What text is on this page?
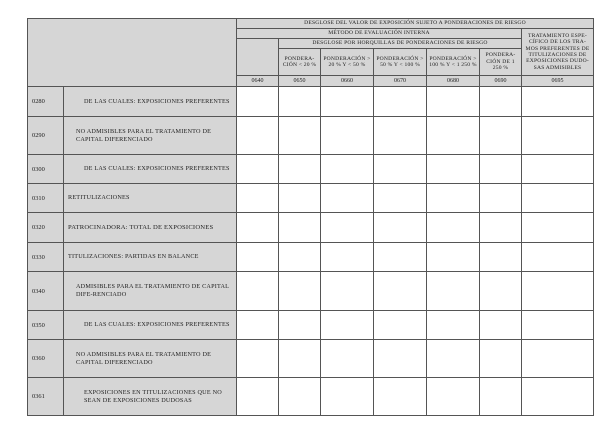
		DESGLOSE DEL VALOR DE EXPOSICIÓN SUJETO A PONDERACIONES DE RIESGO						
		MÉTODO DE EVALUACIÓN INTERNA						TRATAMIENTO ESPE-CÍFICO DE LOS TRA-MOS PREFERENTES DE TITULIZACIONES DE EXPOSICIONES DUDO-SAS ADMISIBLES
			DESGLOSE POR HORQUILLAS DE PONDERACIONES DE RIESGO					
			PONDERA-CIÓN < 20 %	PONDERACIÓN > 20 % Y < 50 %	PONDERACIÓN > 50 % Y < 100 %	PONDERACIÓN > 100 % Y < 1 250 %	PONDERA-CIÓN DE 1 250 %	
		0640	0650	0660	0670	0680	0690	0695
0280	DE LAS CUALES: EXPOSICIONES PREFERENTES							
0290	NO ADMISIBLES PARA EL TRATAMIENTO DE CAPITAL DIFERENCIADO							
0300	DE LAS CUALES: EXPOSICIONES PREFERENTES							
0310	RETITULIZACIONES							
0320	PATROCINADORA: TOTAL DE EXPOSICIONES							
0330	TITULIZACIONES: PARTIDAS EN BALANCE							
0340	ADMISIBLES PARA EL TRATAMIENTO DE CAPITAL DIFE-RENCIADO							
0350	DE LAS CUALES: EXPOSICIONES PREFERENTES							
0360	NO ADMISIBLES PARA EL TRATAMIENTO DE CAPITAL DIFERENCIADO							
0361	EXPOSICIONES EN TITULIZACIONES QUE NO SEAN DE EXPOSICIONES DUDOSAS							
